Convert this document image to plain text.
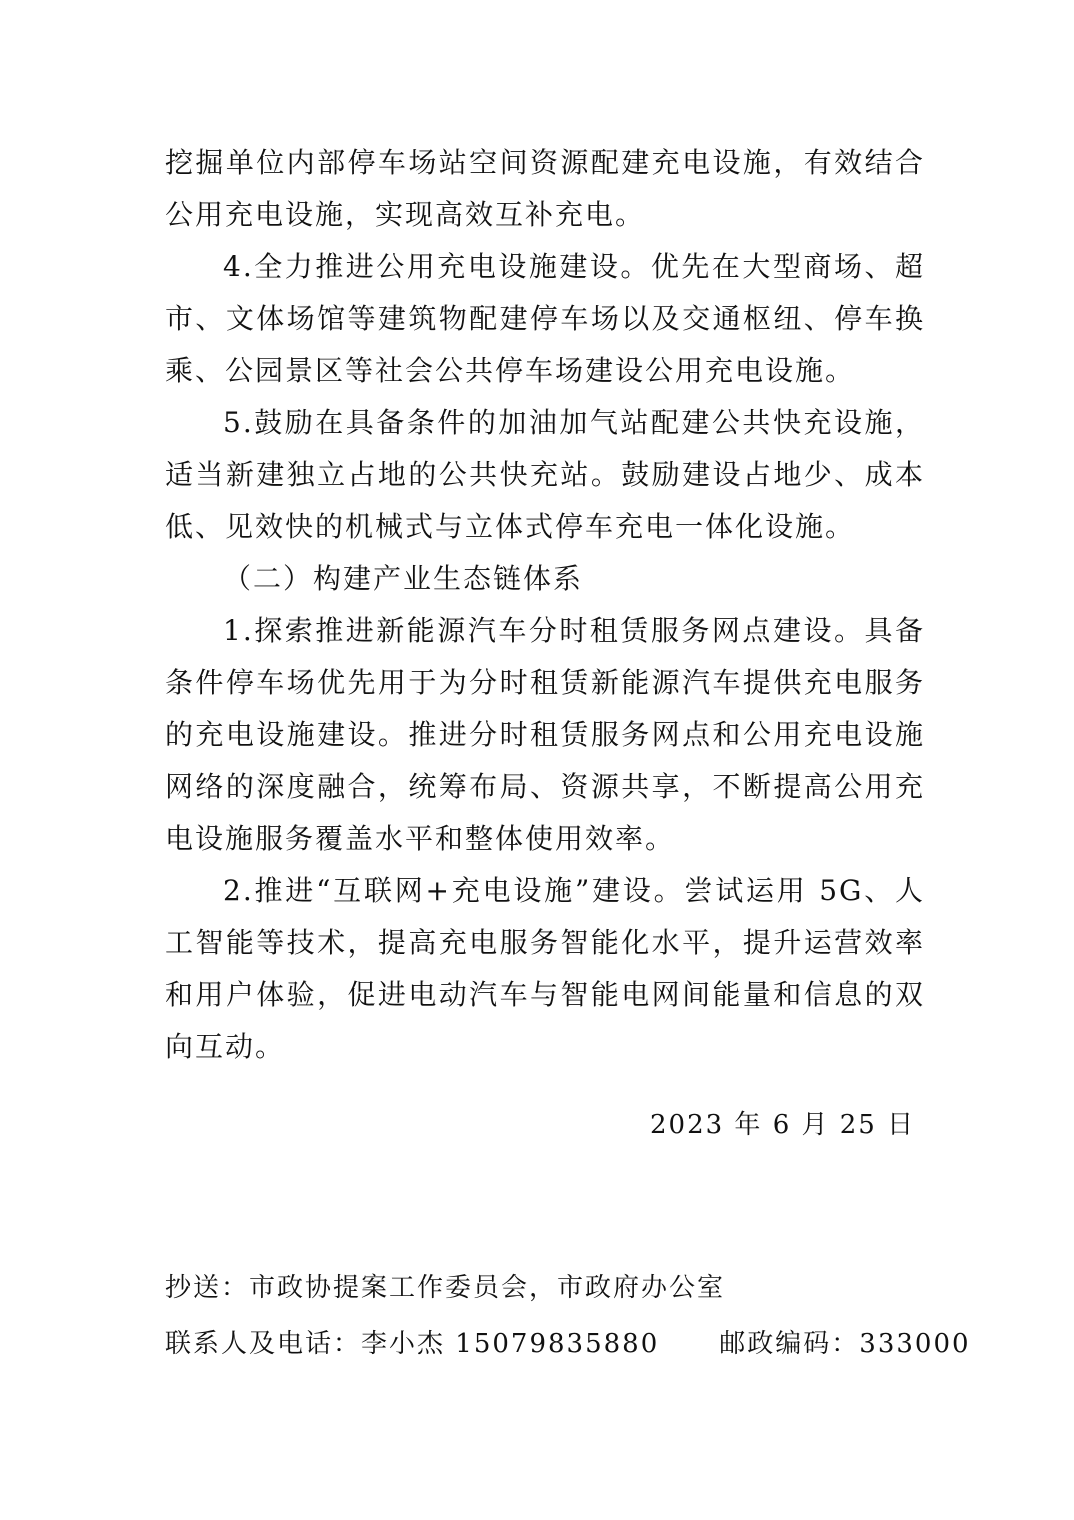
挖掘单位内部停车场站空间资源配建充电设施，有效结合公用充电设施，实现高效互补充电。

4.全力推进公用充电设施建设。优先在大型商场、超市、文体场馆等建筑物配建停车场以及交通枢纽、停车换乘、公园景区等社会公共停车场建设公用充电设施。

5.鼓励在具备条件的加油加气站配建公共快充设施，适当新建独立占地的公共快充站。鼓励建设占地少、成本低、见效快的机械式与立体式停车充电一体化设施。

（二）构建产业生态链体系

1.探索推进新能源汽车分时租赁服务网点建设。具备条件停车场优先用于为分时租赁新能源汽车提供充电服务的充电设施建设。推进分时租赁服务网点和公用充电设施网络的深度融合，统筹布局、资源共享，不断提高公用充电设施服务覆盖水平和整体使用效率。

2.推进“互联网+充电设施”建设。尝试运用 5G、人工智能等技术，提高充电服务智能化水平，提升运营效率和用户体验，促进电动汽车与智能电网间能量和信息的双向互动。

2023 年 6 月 25 日
抄送：市政协提案工作委员会，市政府办公室
联系人及电话：李小杰 15079835880 邮政编码：333000
